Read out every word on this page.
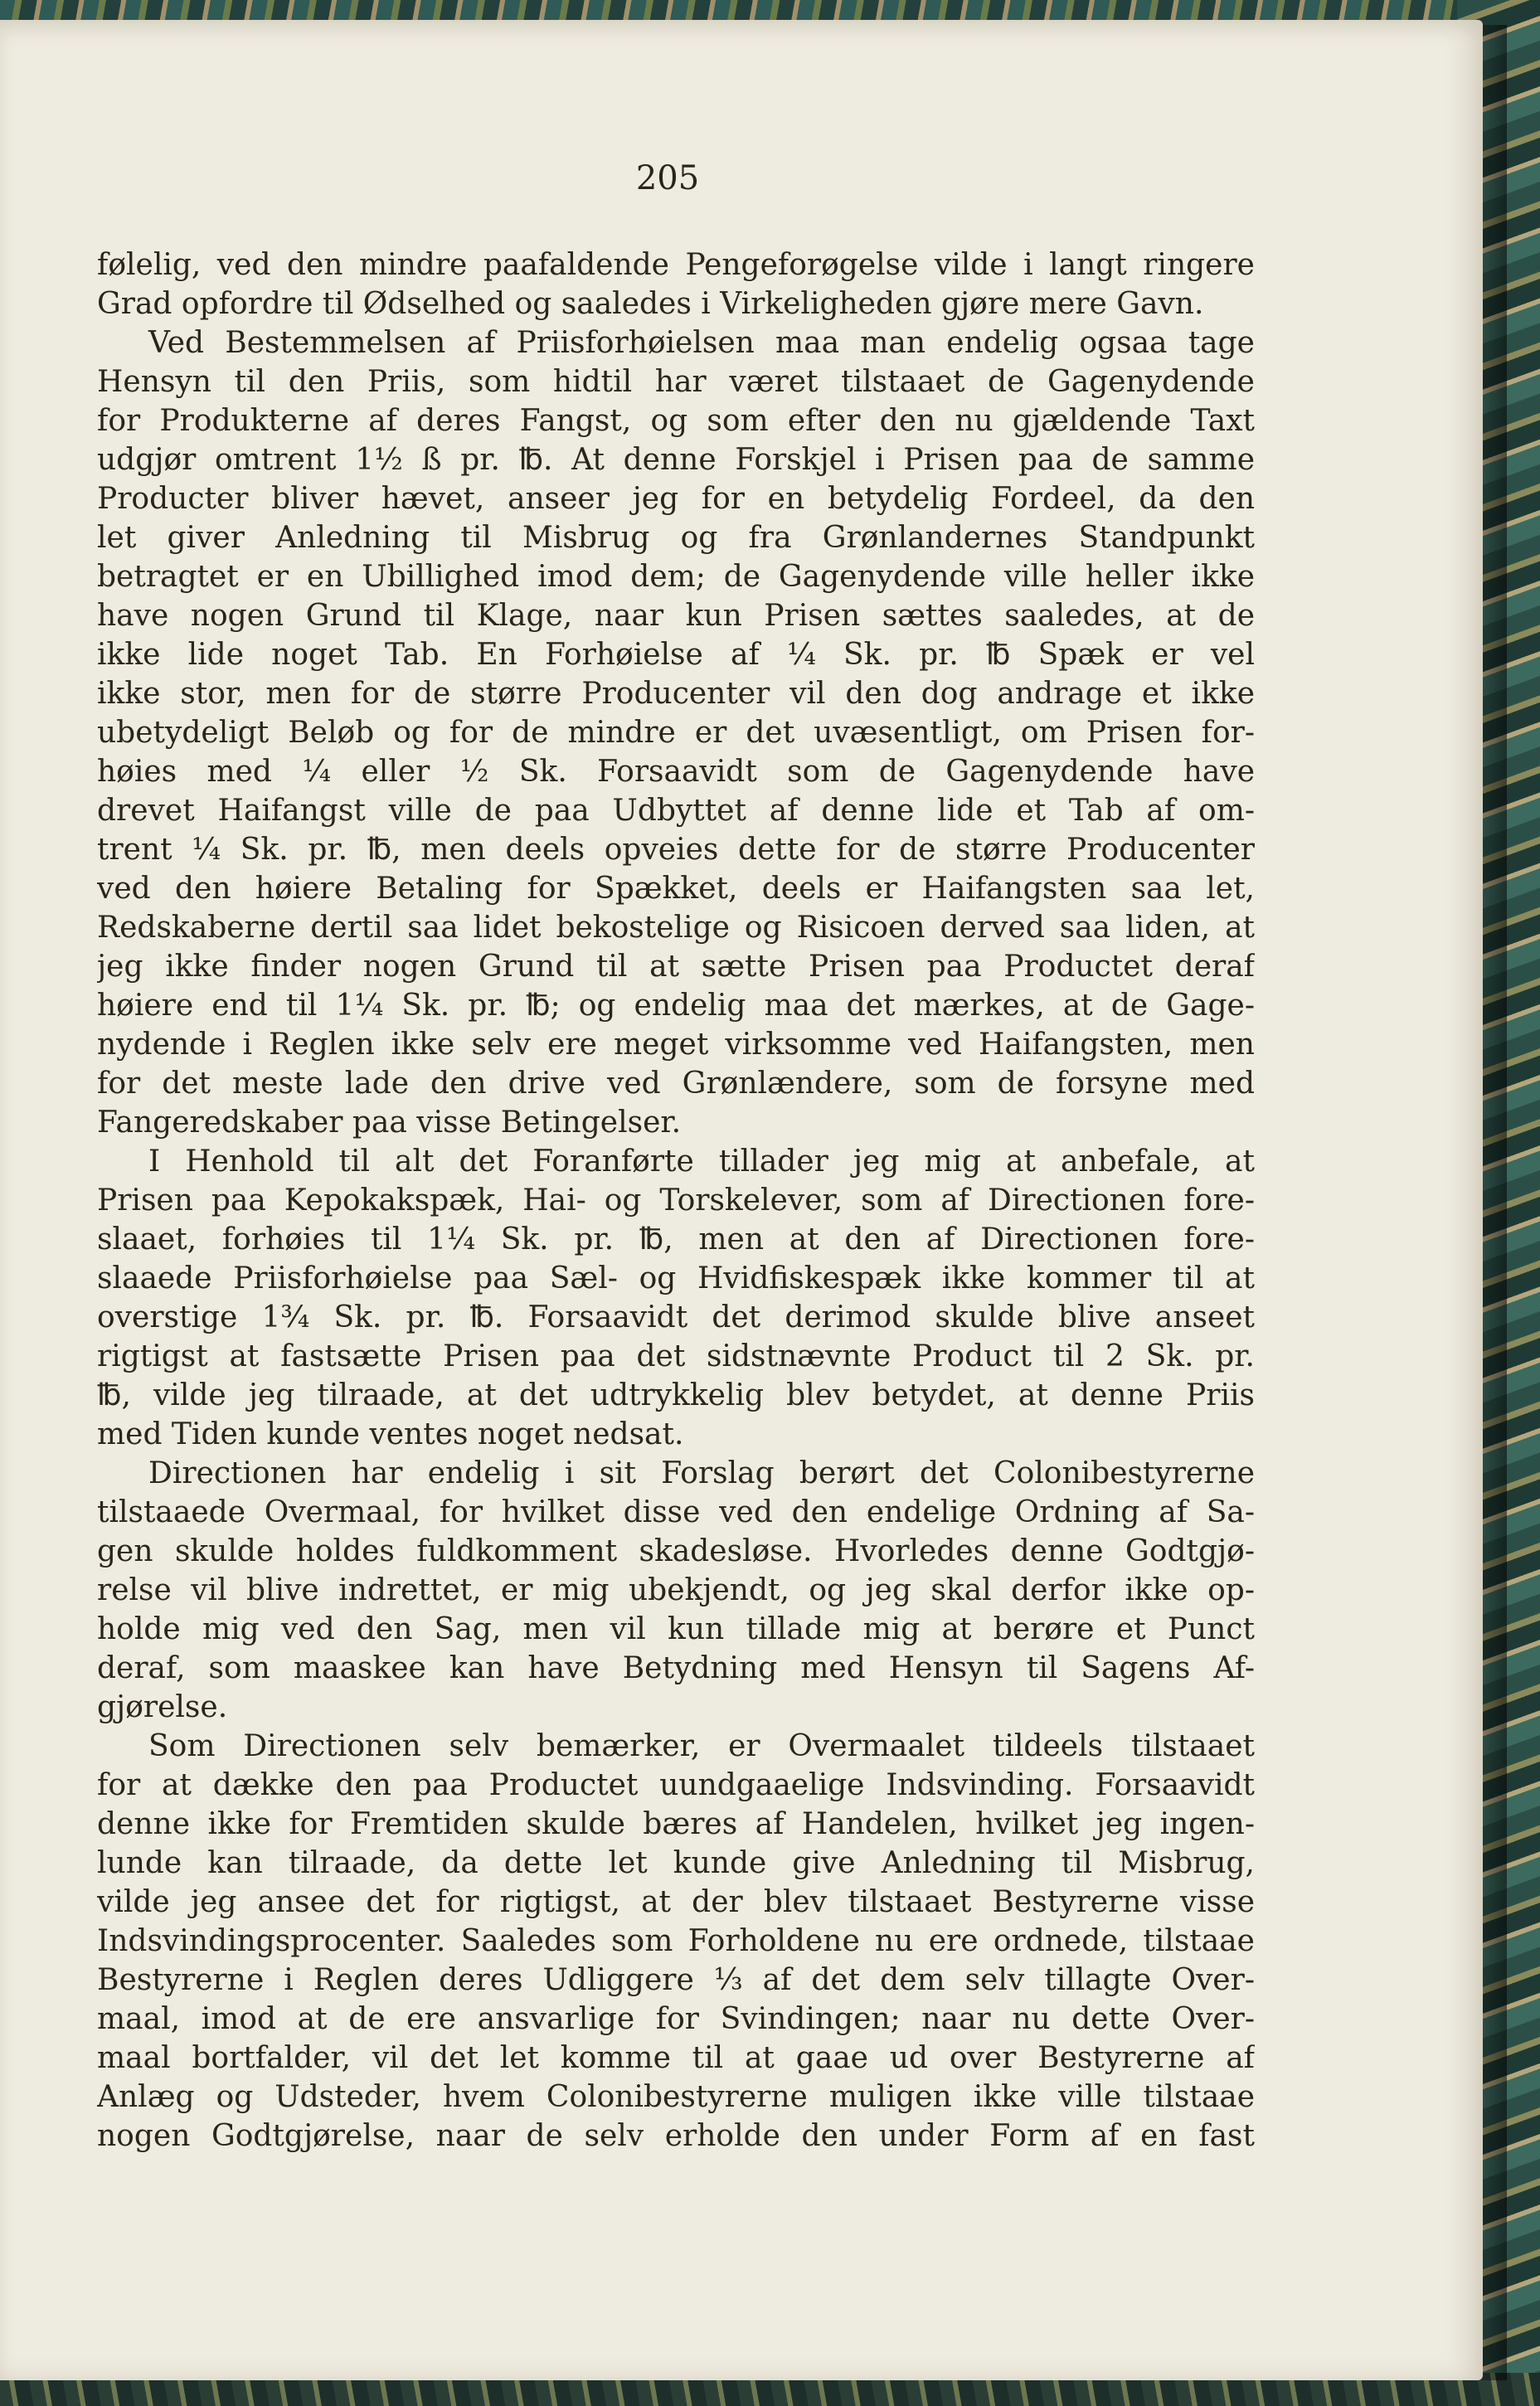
205
følelig, ved den mindre paafaldende Pengeforøgelse vilde i langt ringere
Grad opfordre til Ødselhed og saaledes i Virkeligheden gjøre mere Gavn.
Ved Bestemmelsen af Priisforhøielsen maa man endelig ogsaa tage
Hensyn til den Priis, som hidtil har været tilstaaet de Gagenydende
for Produkterne af deres Fangst, og som efter den nu gjældende Taxt
udgjør omtrent 1½ ß pr. ℔. At denne Forskjel i Prisen paa de samme
Producter bliver hævet, anseer jeg for en betydelig Fordeel, da den
let giver Anledning til Misbrug og fra Grønlandernes Standpunkt
betragtet er en Ubillighed imod dem; de Gagenydende ville heller ikke
have nogen Grund til Klage, naar kun Prisen sættes saaledes, at de
ikke lide noget Tab. En Forhøielse af ¼ Sk. pr. ℔ Spæk er vel
ikke stor, men for de større Producenter vil den dog andrage et ikke
ubetydeligt Beløb og for de mindre er det uvæsentligt, om Prisen for-
høies med ¼ eller ½ Sk. Forsaavidt som de Gagenydende have
drevet Haifangst ville de paa Udbyttet af denne lide et Tab af om-
trent ¼ Sk. pr. ℔, men deels opveies dette for de større Producenter
ved den høiere Betaling for Spækket, deels er Haifangsten saa let,
Redskaberne dertil saa lidet bekostelige og Risicoen derved saa liden, at
jeg ikke finder nogen Grund til at sætte Prisen paa Productet deraf
høiere end til 1¼ Sk. pr. ℔; og endelig maa det mærkes, at de Gage-
nydende i Reglen ikke selv ere meget virksomme ved Haifangsten, men
for det meste lade den drive ved Grønlændere, som de forsyne med
Fangeredskaber paa visse Betingelser.
I Henhold til alt det Foranførte tillader jeg mig at anbefale, at
Prisen paa Kepokakspæk, Hai- og Torskelever, som af Directionen fore-
slaaet, forhøies til 1¼ Sk. pr. ℔, men at den af Directionen fore-
slaaede Priisforhøielse paa Sæl- og Hvidfiskespæk ikke kommer til at
overstige 1¾ Sk. pr. ℔. Forsaavidt det derimod skulde blive anseet
rigtigst at fastsætte Prisen paa det sidstnævnte Product til 2 Sk. pr.
℔, vilde jeg tilraade, at det udtrykkelig blev betydet, at denne Priis
med Tiden kunde ventes noget nedsat.
Directionen har endelig i sit Forslag berørt det Colonibestyrerne
tilstaaede Overmaal, for hvilket disse ved den endelige Ordning af Sa-
gen skulde holdes fuldkomment skadesløse. Hvorledes denne Godtgjø-
relse vil blive indrettet, er mig ubekjendt, og jeg skal derfor ikke op-
holde mig ved den Sag, men vil kun tillade mig at berøre et Punct
deraf, som maaskee kan have Betydning med Hensyn til Sagens Af-
gjørelse.
Som Directionen selv bemærker, er Overmaalet tildeels tilstaaet
for at dække den paa Productet uundgaaelige Indsvinding. Forsaavidt
denne ikke for Fremtiden skulde bæres af Handelen, hvilket jeg ingen-
lunde kan tilraade, da dette let kunde give Anledning til Misbrug,
vilde jeg ansee det for rigtigst, at der blev tilstaaet Bestyrerne visse
Indsvindingsprocenter. Saaledes som Forholdene nu ere ordnede, tilstaae
Bestyrerne i Reglen deres Udliggere ⅓ af det dem selv tillagte Over-
maal, imod at de ere ansvarlige for Svindingen; naar nu dette Over-
maal bortfalder, vil det let komme til at gaae ud over Bestyrerne af
Anlæg og Udsteder, hvem Colonibestyrerne muligen ikke ville tilstaae
nogen Godtgjørelse, naar de selv erholde den under Form af en fast
